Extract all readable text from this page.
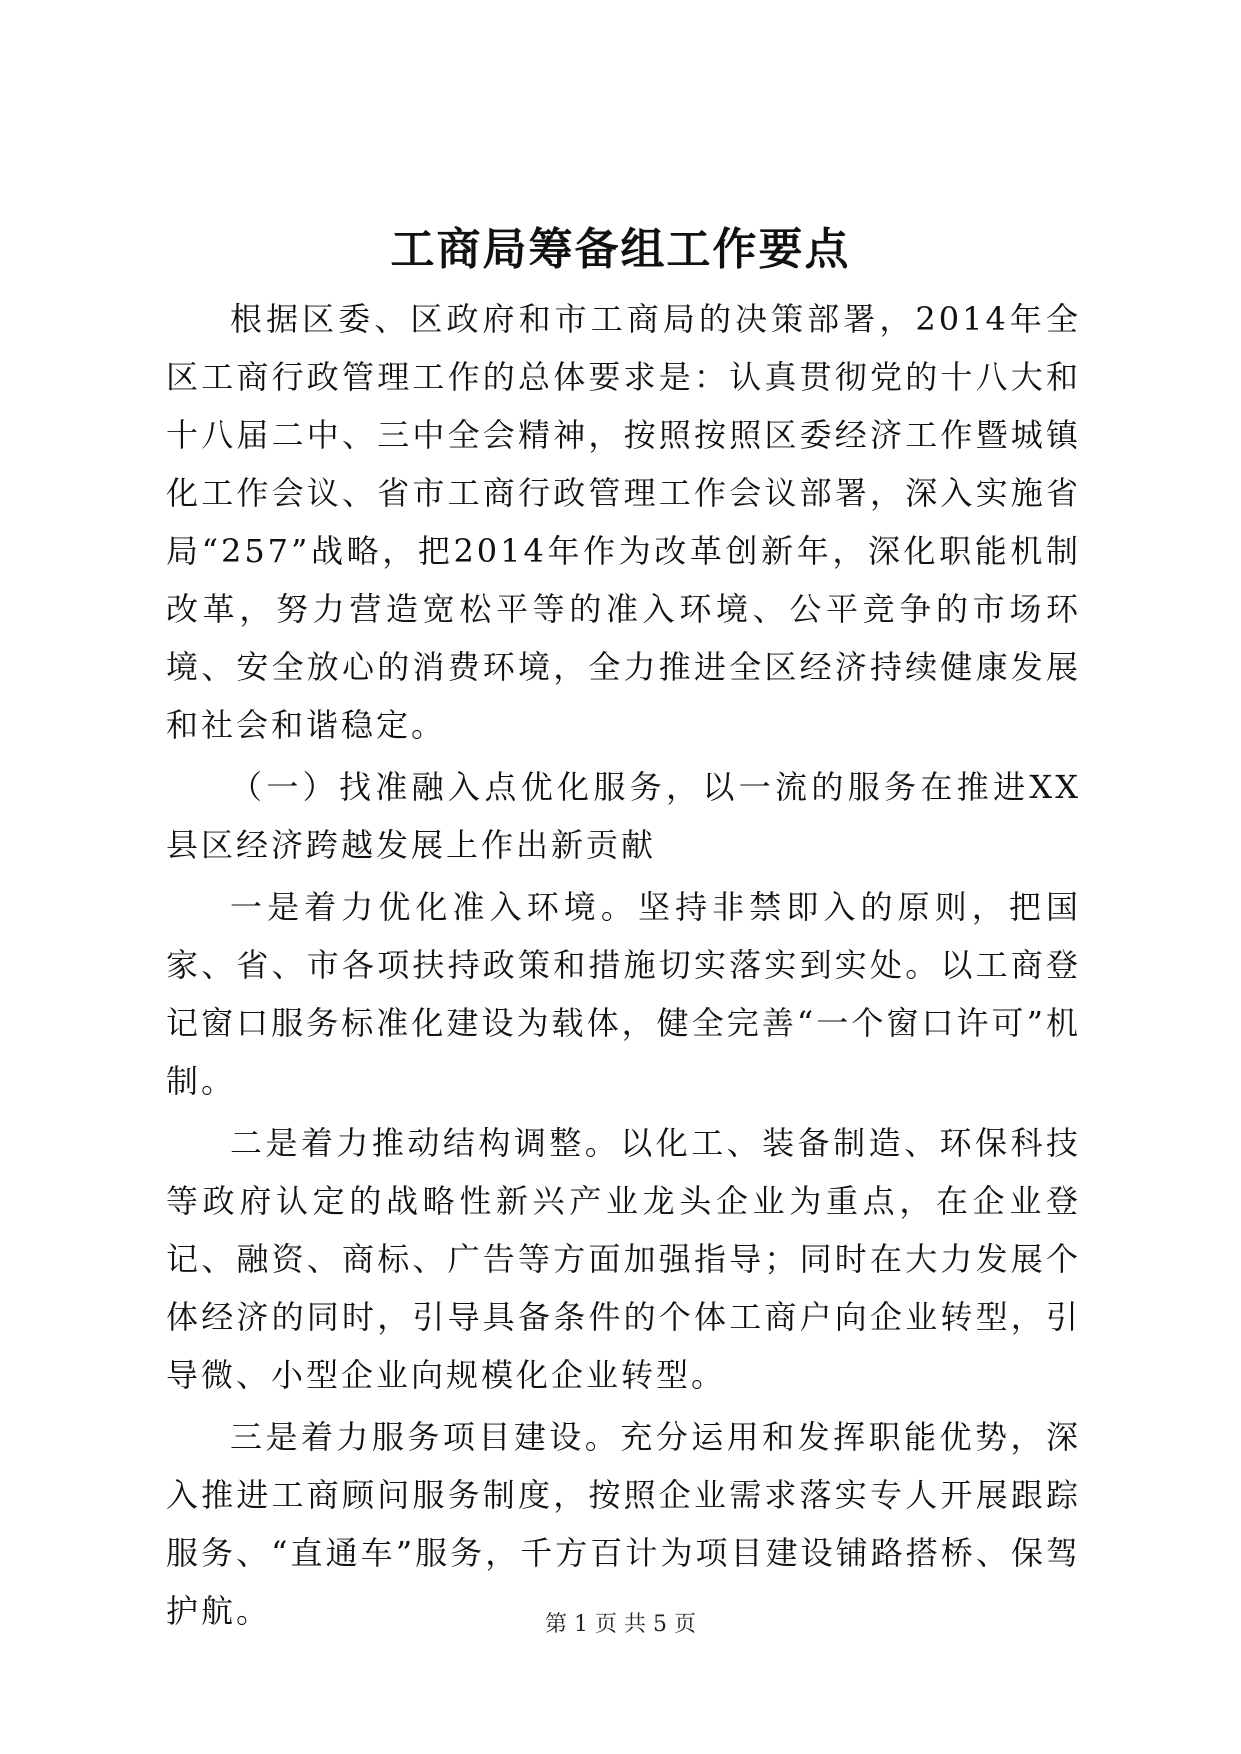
工商局筹备组工作要点

根据区委、区政府和市工商局的决策部署，2014年全区工商行政管理工作的总体要求是：认真贯彻党的十八大和十八届二中、三中全会精神，按照按照区委经济工作暨城镇化工作会议、省市工商行政管理工作会议部署，深入实施省局“257”战略，把2014年作为改革创新年，深化职能机制改革，努力营造宽松平等的准入环境、公平竞争的市场环境、安全放心的消费环境，全力推进全区经济持续健康发展和社会和谐稳定。

（一）找准融入点优化服务，以一流的服务在推进XX县区经济跨越发展上作出新贡献

一是着力优化准入环境。坚持非禁即入的原则，把国家、省、市各项扶持政策和措施切实落实到实处。以工商登记窗口服务标准化建设为载体，健全完善“一个窗口许可”机制。

二是着力推动结构调整。以化工、装备制造、环保科技等政府认定的战略性新兴产业龙头企业为重点，在企业登记、融资、商标、广告等方面加强指导；同时在大力发展个体经济的同时，引导具备条件的个体工商户向企业转型，引导微、小型企业向规模化企业转型。

三是着力服务项目建设。充分运用和发挥职能优势，深入推进工商顾问服务制度，按照企业需求落实专人开展跟踪服务、“直通车”服务，千方百计为项目建设铺路搭桥、保驾护航。	第 1 页 共 5 页
